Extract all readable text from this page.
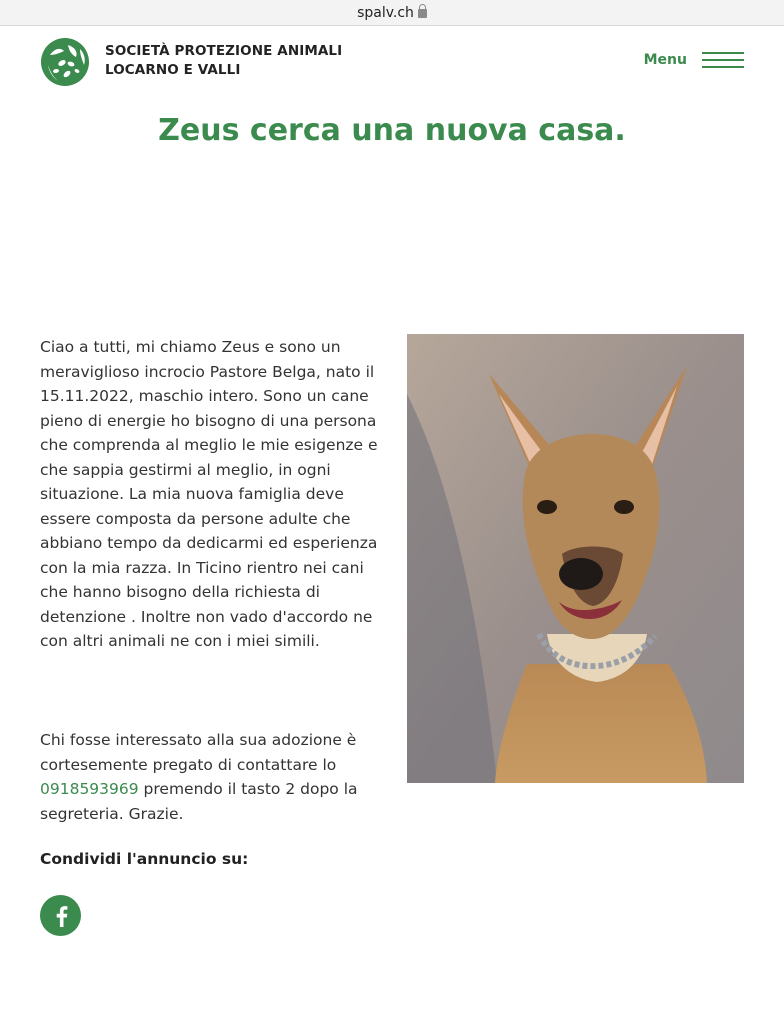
spalv.ch
SOCIETÀ PROTEZIONE ANIMALI
LOCARNO E VALLI
Menu
Zeus cerca una nuova casa.

Ciao a tutti, mi chiamo Zeus e sono un meraviglioso incrocio Pastore Belga, nato il 15.11.2022, maschio intero. Sono un cane pieno di energie ho bisogno di una persona che comprenda al meglio le mie esigenze e che sappia gestirmi al meglio, in ogni situazione. La mia nuova famiglia deve essere composta da persone adulte che abbiano tempo da dedicarmi ed esperienza con la mia razza. In Ticino rientro nei cani che hanno bisogno della richiesta di detenzione . Inoltre non vado d'accordo ne con altri animali ne con i miei simili.

Chi fosse interessato alla sua adozione è cortesemente pregato di contattare lo 0918593969 premendo il tasto 2 dopo la segreteria. Grazie.

Condividi l'annuncio su:
